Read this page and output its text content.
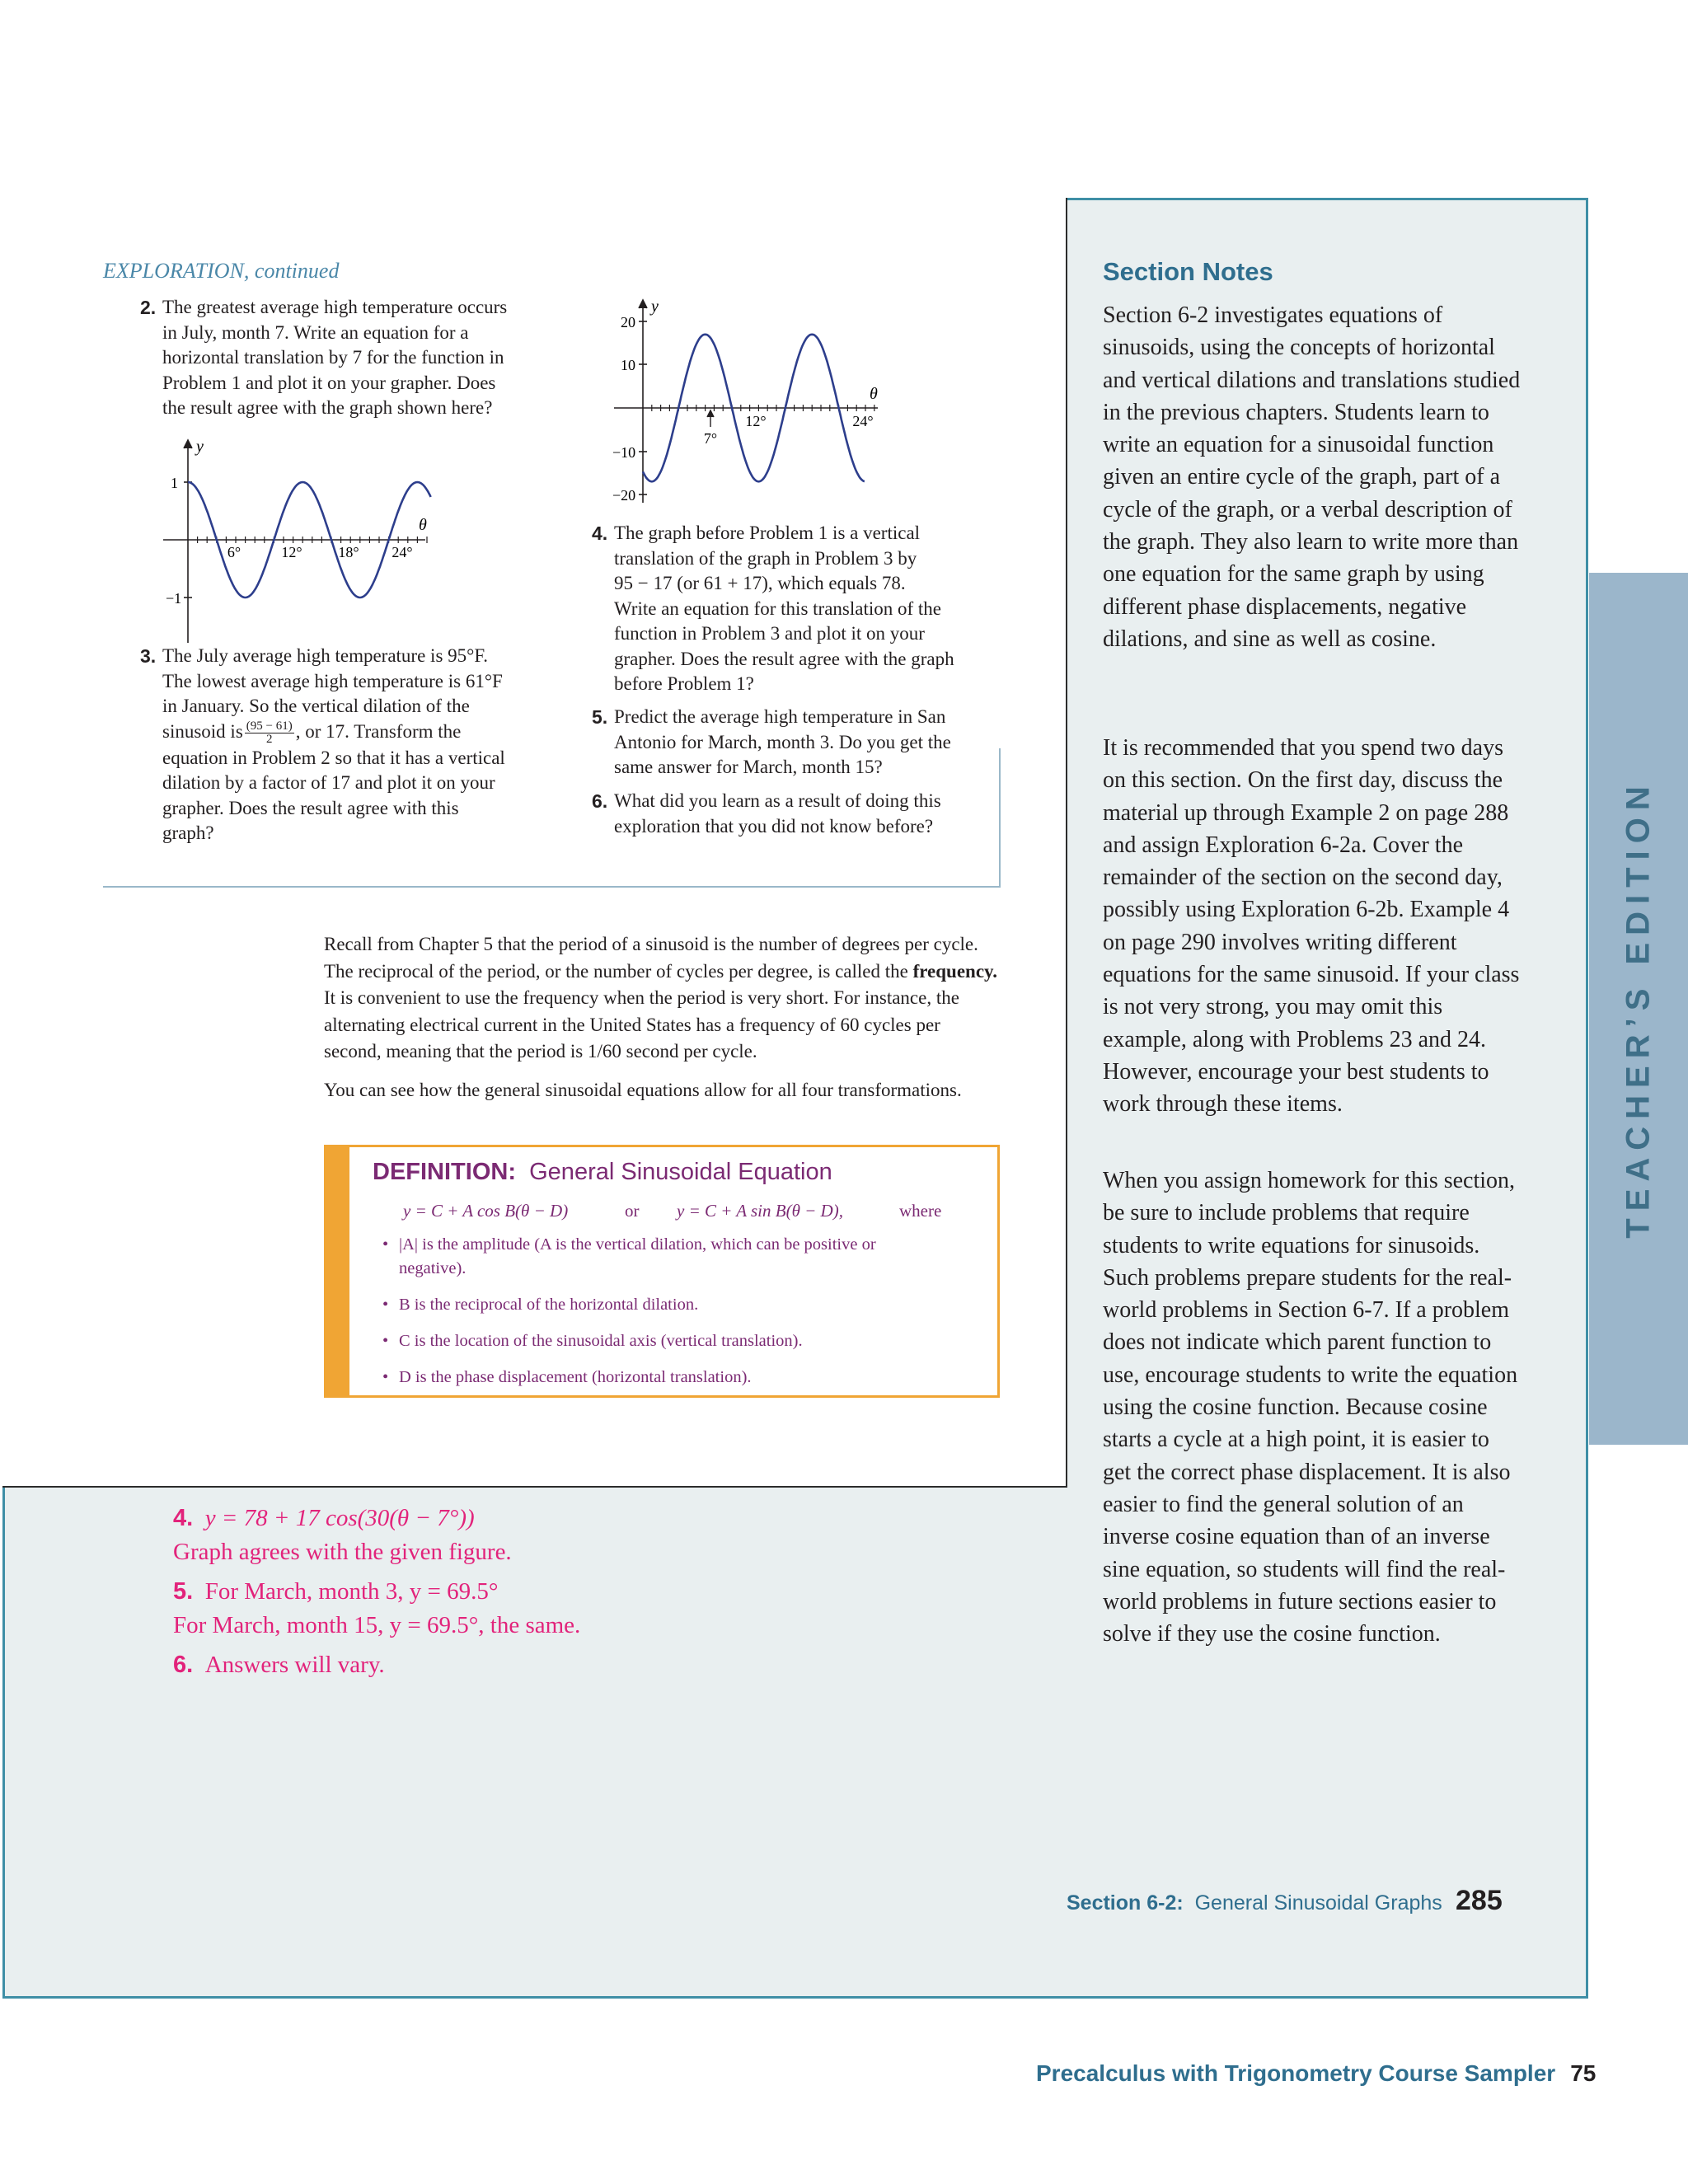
TEACHER’S EDITION
EXPLORATION, continued
2. The greatest average high temperature occurs
in July, month 7. Write an equation for a
horizontal translation by 7 for the function in
Problem 1 and plot it on your grapher. Does
the result agree with the graph shown here?
y
θ
1
−1
6°	12° 18° 24°
3. The July average high temperature is 95°F.
The lowest average high temperature is 61°F
in January. So the vertical dilation of the
sinusoid is $\frac{(95 - 61)}{2}$ , or 17. Transform the
equation in Problem 2 so that it has a vertical
dilation by a factor of 17 and plot it on your
grapher. Does the result agree with this
graph?
y
θ
20
10
−10
−20
12°	24°
7°
4. The graph before Problem 1 is a vertical
translation of the graph in Problem 3 by
95 − 17 (or 61 + 17), which equals 78.
Write an equation for this translation of the
function in Problem 3 and plot it on your
grapher. Does the result agree with the graph
before Problem 1?
5. Predict the average high temperature in San
Antonio for March, month 3. Do you get the
same answer for March, month 15?
6. What did you learn as a result of doing this
exploration that you did not know before?
Recall from Chapter 5 that the period of a sinusoid is the number of degrees per cycle. The reciprocal of the period, or the number of cycles per degree, is called the frequency. It is convenient to use the frequency when the period is very short. For instance, the alternating electrical current in the United States has a frequency of 60 cycles per second, meaning that the period is 1/60 second per cycle.
You can see how the general sinusoidal equations allow for all four transformations.
DEFINITION: General Sinusoidal Equation
y = C + A cos B(θ − D)	or y = C + A sin B(θ − D),	where
• |A| is the amplitude (A is the vertical dilation, which can be positive or negative).
• B is the reciprocal of the horizontal dilation.
• C is the location of the sinusoidal axis (vertical translation).
• D is the phase displacement (horizontal translation).
4. y = 78 + 17 cos(30(θ − 7°))
Graph agrees with the given figure.
5. For March, month 3, y = 69.5°
For March, month 15, y = 69.5°, the same.
6. Answers will vary.
Section Notes
Section 6-2 investigates equations of sinusoids, using the concepts of horizontal and vertical dilations and translations studied in the previous chapters. Students learn to write an equation for a sinusoidal function given an entire cycle of the graph, part of a cycle of the graph, or a verbal description of the graph. They also learn to write more than one equation for the same graph by using different phase displacements, negative dilations, and sine as well as cosine.
It is recommended that you spend two days on this section. On the first day, discuss the material up through Example 2 on page 288 and assign Exploration 6-2a. Cover the remainder of the section on the second day, possibly using Exploration 6-2b. Example 4 on page 290 involves writing different equations for the same sinusoid. If your class is not very strong, you may omit this example, along with Problems 23 and 24. However, encourage your best students to work through these items.
When you assign homework for this section, be sure to include problems that require students to write equations for sinusoids. Such problems prepare students for the real-world problems in Section 6-7. If a problem does not indicate which parent function to use, encourage students to write the equation using the cosine function. Because cosine starts a cycle at a high point, it is easier to get the correct phase displacement. It is also easier to find the general solution of an inverse cosine equation than of an inverse sine equation, so students will find the real-world problems in future sections easier to solve if they use the cosine function.
Section 6-2: General Sinusoidal Graphs 285
Precalculus with Trigonometry Course Sampler 75
